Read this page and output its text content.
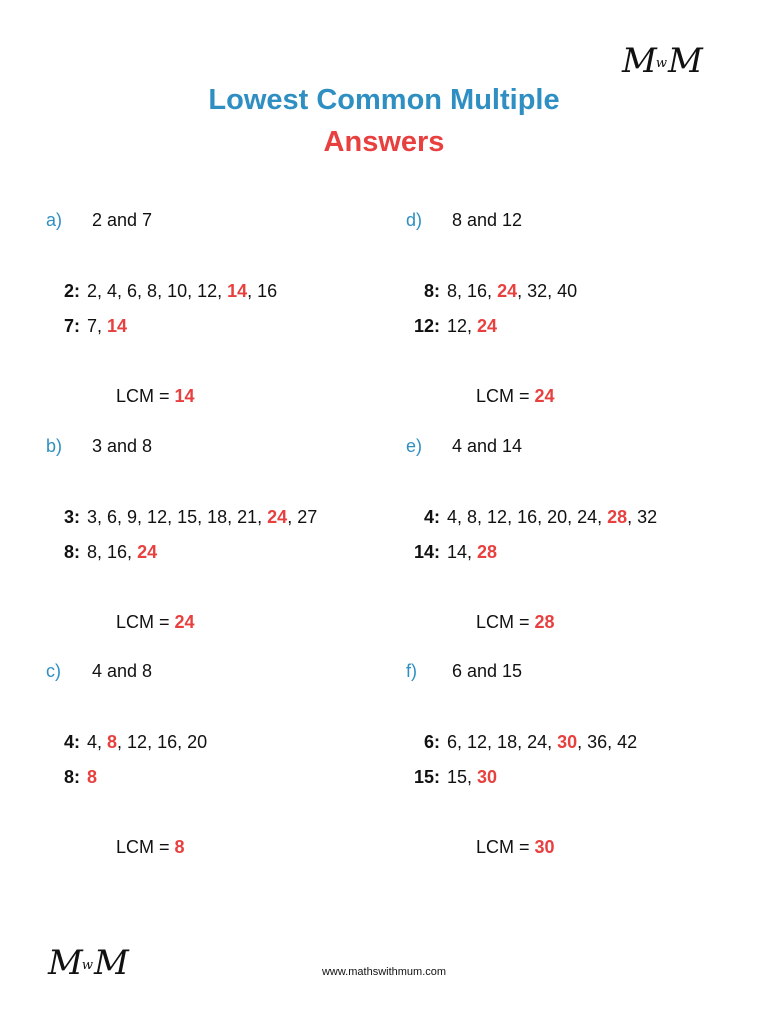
MwM
Lowest Common Multiple
Answers
a) 2 and 7
2: 2, 4, 6, 8, 10, 12, 14, 16
7: 7, 14
LCM = 14
b) 3 and 8
3: 3, 6, 9, 12, 15, 18, 21, 24, 27
8: 8, 16, 24
LCM = 24
c) 4 and 8
4: 4, 8, 12, 16, 20
8: 8
LCM = 8
d) 8 and 12
8: 8, 16, 24, 32, 40
12: 12, 24
LCM = 24
e) 4 and 14
4: 4, 8, 12, 16, 20, 24, 28, 32
14: 14, 28
LCM = 28
f) 6 and 15
6: 6, 12, 18, 24, 30, 36, 42
15: 15, 30
LCM = 30
MwM	www.mathswithmum.com
